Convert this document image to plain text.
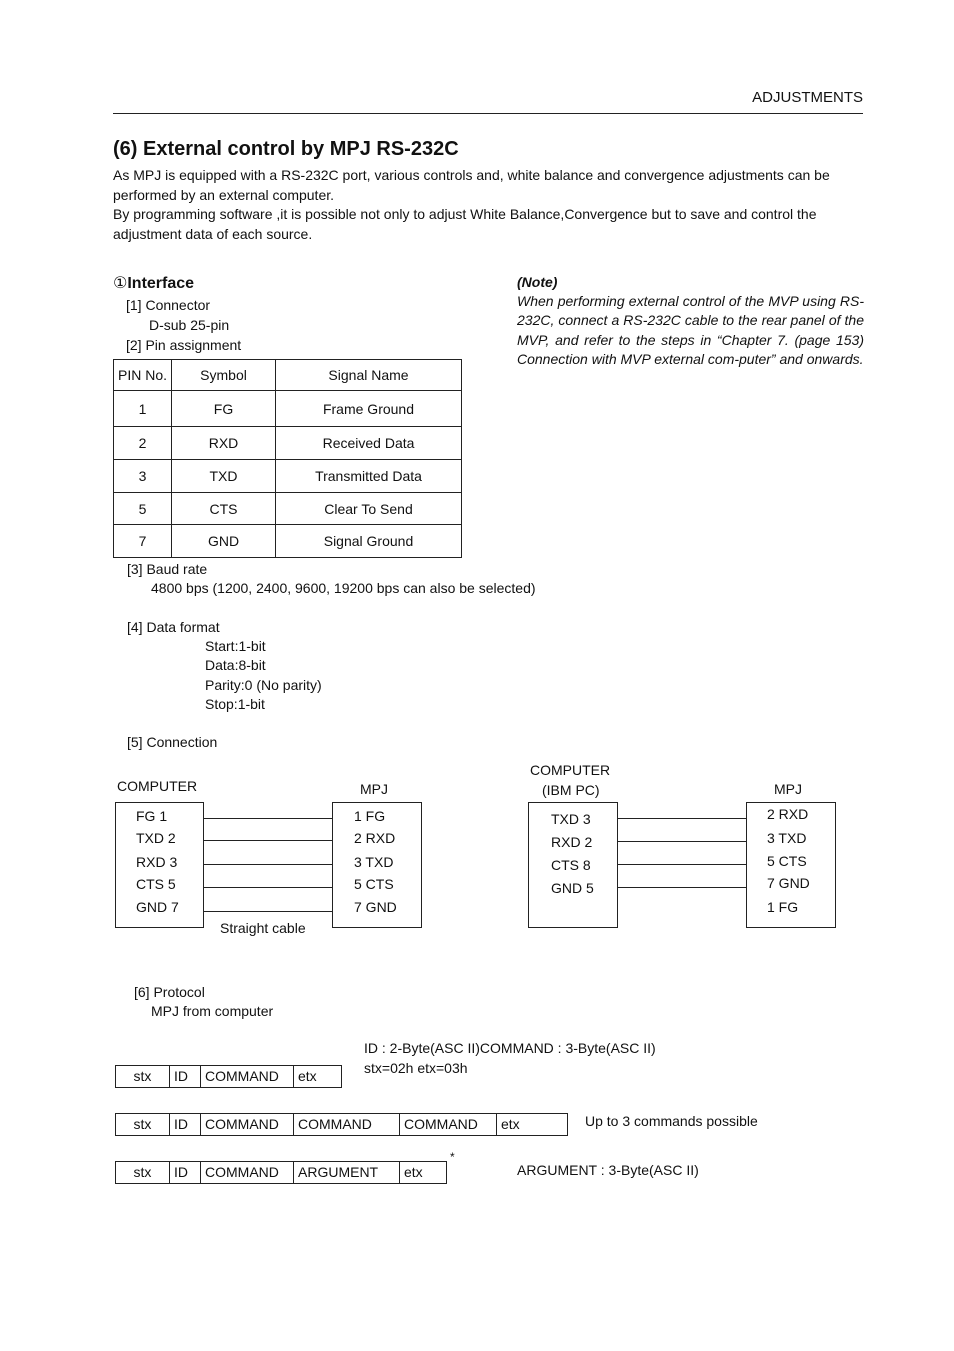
ADJUSTMENTS
(6) External control by MPJ RS-232C

As MPJ is equipped with a RS-232C port, various controls and, white balance and convergence adjustments can be performed by an external computer.

By programming software ,it is possible not only to adjust White Balance,Convergence but to save and control the adjustment data of each source.

①Interface
[1] Connector
D-sub 25-pin
[2] Pin assignment
PIN No.	Symbol	Signal Name
1	FG	Frame Ground
2	RXD	Received Data
3	TXD	Transmitted Data
5	CTS	Clear To Send
7	GND	Signal Ground
[3] Baud rate
4800 bps (1200, 2400, 9600, 19200 bps can also be selected)
[4] Data format
Start:1-bit
Data:8-bit
Parity:0 (No parity)
Stop:1-bit
[5] Connection
(Note)
When performing external control of the MVP using RS-232C, connect a RS-232C cable to the rear panel of the MVP, and refer to the steps in “Chapter 7. (page 153) Connection with MVP external com-puter” and onwards.
COMPUTER	MPJ
FG 1
TXD 2
RXD 3
CTS 5
GND 7
1 FG
2 RXD
3 TXD
5 CTS
7 GND
Straight cable
COMPUTER
(IBM PC)	MPJ
TXD 3
RXD 2
CTS 8
GND 5
2 RXD
3 TXD
5 CTS
7 GND
1 FG
[6] Protocol
MPJ from computer
ID : 2-Byte(ASC II)COMMAND : 3-Byte(ASC II)
stx=02h etx=03h
stx	ID	COMMAND	etx
stx	ID	COMMAND	COMMAND	COMMAND	etx	Up to 3 commands possible
stx	ID	COMMAND	ARGUMENT	etx
*
ARGUMENT : 3-Byte(ASC II)
